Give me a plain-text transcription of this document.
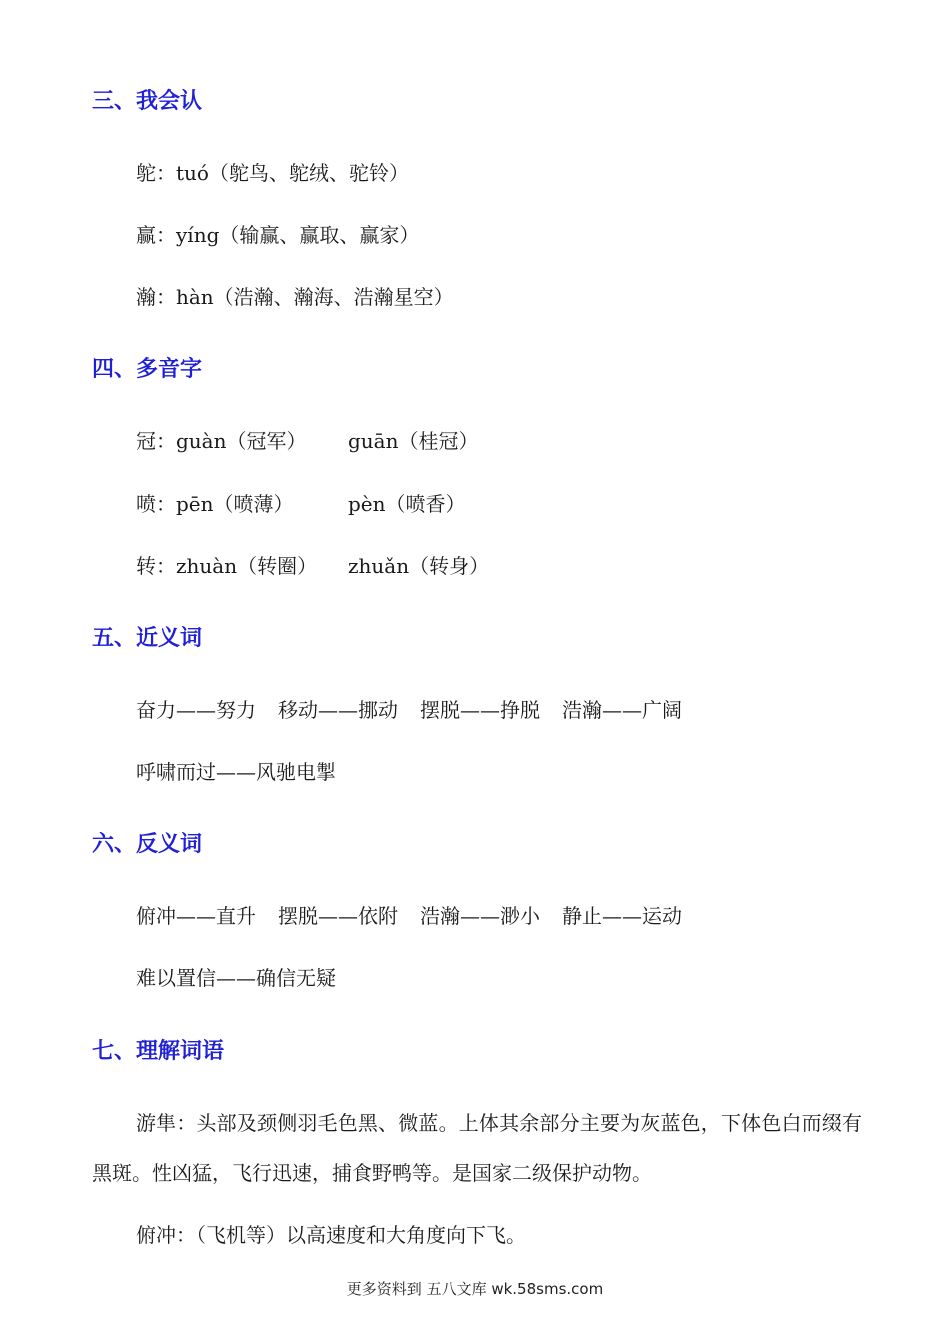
三、我会认

鸵：tuó（鸵鸟、鸵绒、驼铃）

赢：yíng（输赢、赢取、赢家）

瀚：hàn（浩瀚、瀚海、浩瀚星空）

四、多音字

冠：guàn（冠军） guān（桂冠）

喷：pēn（喷薄）	pèn（喷香）

转：zhuàn（转圈） zhuǎn（转身）

五、近义词

奋力——努力 移动——挪动 摆脱——挣脱 浩瀚——广阔

呼啸而过——风驰电掣

六、反义词

俯冲——直升 摆脱——依附 浩瀚——渺小 静止——运动

难以置信——确信无疑

七、理解词语

游隼：头部及颈侧羽毛色黑、微蓝。上体其余部分主要为灰蓝色，下体色白而缀有黑斑。性凶猛，飞行迅速，捕食野鸭等。是国家二级保护动物。

俯冲：（飞机等）以高速度和大角度向下飞。

更多资料到 五八文库 wk.58sms.com
